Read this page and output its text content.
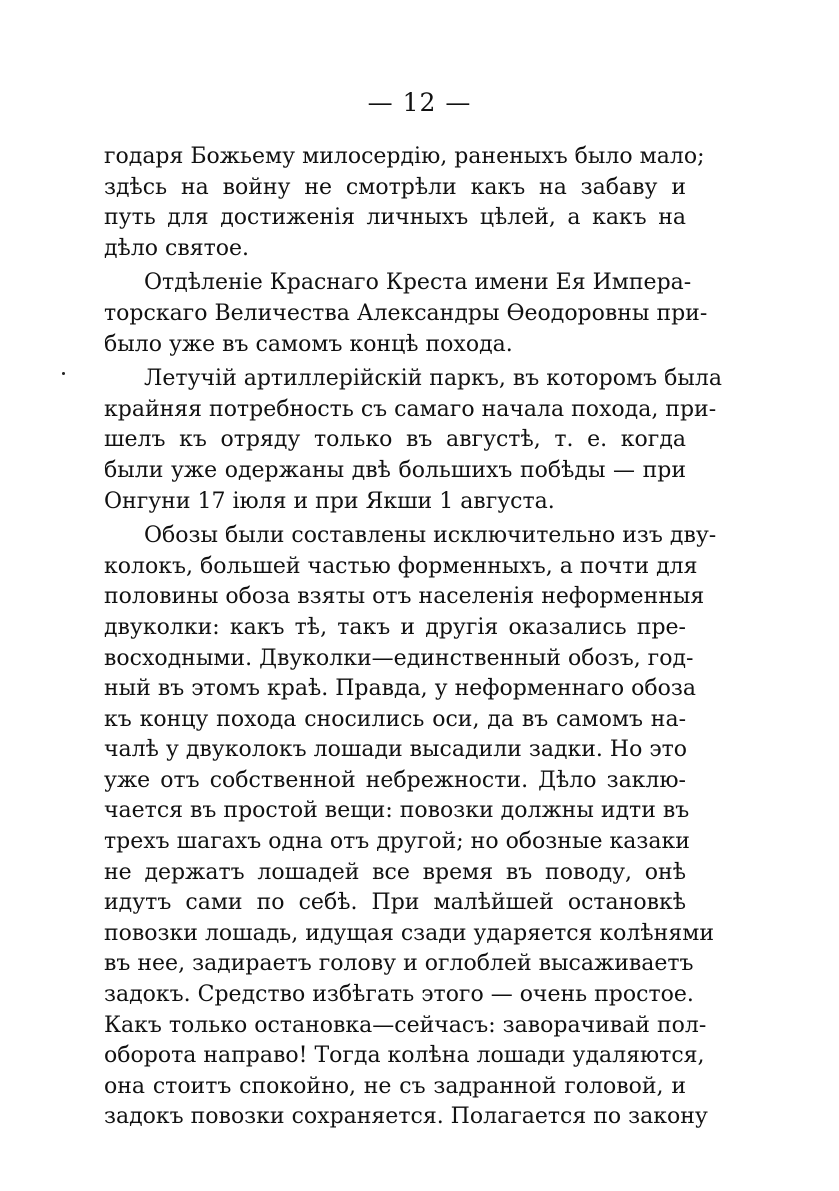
— 12 —
годаря Божьему милосердію, раненыхъ было мало;
здѣсь на войну не смотрѣли какъ на забаву и
путь для достиженія личныхъ цѣлей, а какъ на
дѣло святое.
Отдѣленіе Краснаго Креста имени Ея Импера-
торскаго Величества Александры Ѳеодоровны при-
было уже въ самомъ концѣ похода.
Летучій артиллерійскій паркъ, въ которомъ была
крайняя потребность съ самаго начала похода, при-
шелъ къ отряду только въ августѣ, т. е. когда
были уже одержаны двѣ большихъ побѣды — при
Онгуни 17 іюля и при Якши 1 августа.
Обозы были составлены исключительно изъ дву-
колокъ, большей частью форменныхъ, а почти для
половины обоза взяты отъ населенія неформенныя
двуколки: какъ тѣ, такъ и другія оказались пре-
восходными. Двуколки—единственный обозъ, год-
ный въ этомъ краѣ. Правда, у неформеннаго обоза
къ концу похода сносились оси, да въ самомъ на-
чалѣ у двуколокъ лошади высадили задки. Но это
уже отъ собственной небрежности. Дѣло заклю-
чается въ простой вещи: повозки должны идти въ
трехъ шагахъ одна отъ другой; но обозные казаки
не держатъ лошадей все время въ поводу, онѣ
идутъ сами по себѣ. При малѣйшей остановкѣ
повозки лошадь, идущая сзади ударяется колѣнями
въ нее, задираетъ голову и оглоблей высаживаетъ
задокъ. Средство избѣгать этого — очень простое.
Какъ только остановка—сейчасъ: заворачивай пол-
оборота направо! Тогда колѣна лошади удаляются,
она стоитъ спокойно, не съ задранной головой, и
задокъ повозки сохраняется. Полагается по закону
